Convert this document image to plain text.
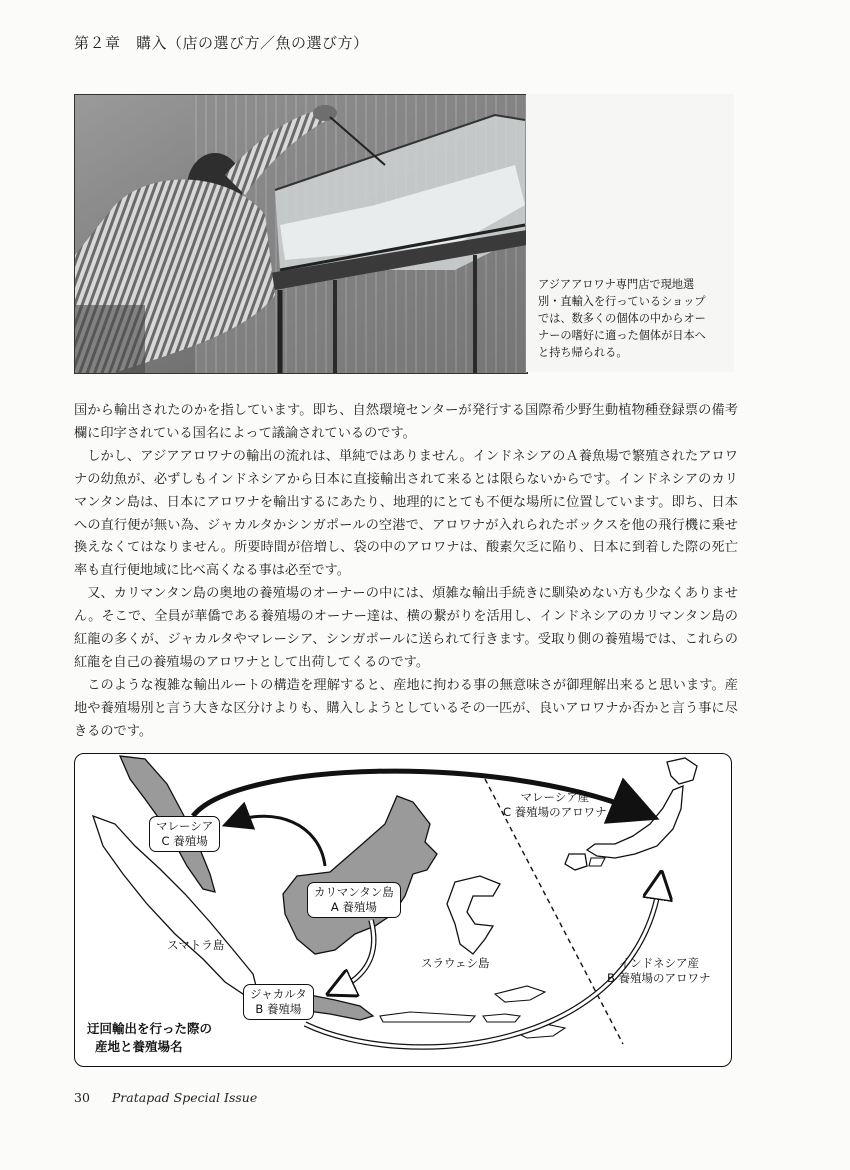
第２章　購入（店の選び方／魚の選び方）
アジアアロワナ専門店で現地選
別・直輸入を行っているショップ
では、数多くの個体の中からオー
ナーの嗜好に適った個体が日本へ
と持ち帰られる。

国から輸出されたのかを指しています。即ち、自然環境センターが発行する国際希少野生動植物種登録票の備考欄に印字されている国名によって議論されているのです。

しかし、アジアアロワナの輸出の流れは、単純ではありません。インドネシアのＡ養魚場で繁殖されたアロワナの幼魚が、必ずしもインドネシアから日本に直接輸出されて来るとは限らないからです。インドネシアのカリマンタン島は、日本にアロワナを輸出するにあたり、地理的にとても不便な場所に位置しています。即ち、日本への直行便が無い為、ジャカルタかシンガポールの空港で、アロワナが入れられたボックスを他の飛行機に乗せ換えなくてはなりません。所要時間が倍増し、袋の中のアロワナは、酸素欠乏に陥り、日本に到着した際の死亡率も直行便地域に比べ高くなる事は必至です。

又、カリマンタン島の奥地の養殖場のオーナーの中には、煩雑な輸出手続きに馴染めない方も少なくありません。そこで、全員が華僑である養殖場のオーナー達は、横の繋がりを活用し、インドネシアのカリマンタン島の紅龍の多くが、ジャカルタやマレーシア、シンガポールに送られて行きます。受取り側の養殖場では、これらの紅龍を自己の養殖場のアロワナとして出荷してくるのです。

このような複雑な輸出ルートの構造を理解すると、産地に拘わる事の無意味さが御理解出来ると思います。産地や養殖場別と言う大きな区分けよりも、購入しようとしているその一匹が、良いアロワナか否かと言う事に尽きるのです。

マレーシア
C 養殖場
カリマンタン島
A 養殖場
ジャカルタ
B 養殖場
スマトラ島
スラウェシ島
マレーシア産
C 養殖場のアロワナ
インドネシア産
B 養殖場のアロワナ
迂回輸出を行った際の
産地と養殖場名
30 Pratapad Special Issue
